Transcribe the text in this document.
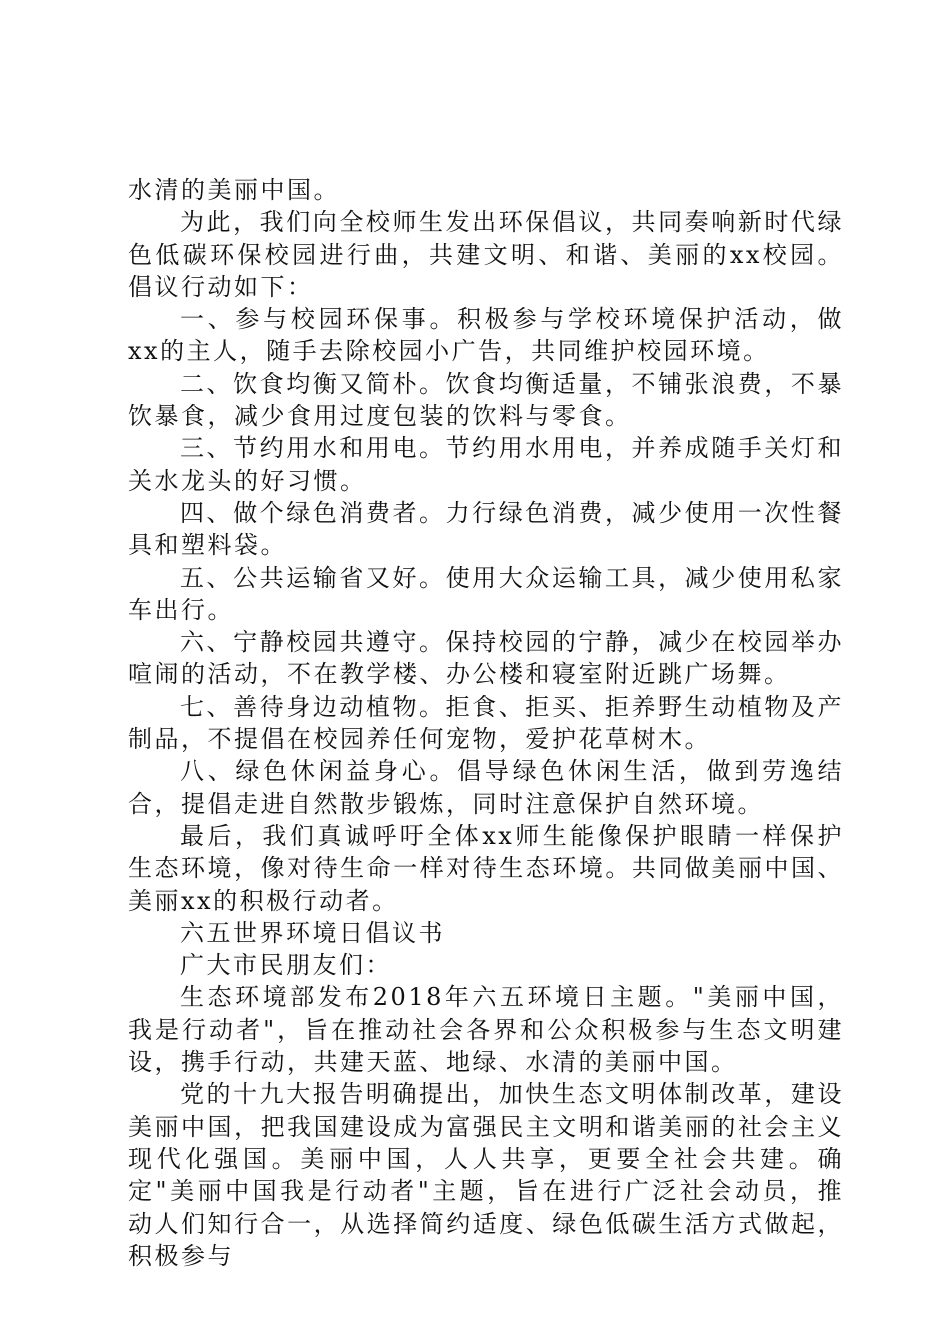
水清的美丽中国。

为此，我们向全校师生发出环保倡议，共同奏响新时代绿色低碳环保校园进行曲，共建文明、和谐、美丽的xx校园。倡议行动如下：

一、参与校园环保事。积极参与学校环境保护活动，做xx的主人，随手去除校园小广告，共同维护校园环境。

二、饮食均衡又简朴。饮食均衡适量，不铺张浪费，不暴饮暴食，减少食用过度包装的饮料与零食。

三、节约用水和用电。节约用水用电，并养成随手关灯和关水龙头的好习惯。

四、做个绿色消费者。力行绿色消费，减少使用一次性餐具和塑料袋。

五、公共运输省又好。使用大众运输工具，减少使用私家车出行。

六、宁静校园共遵守。保持校园的宁静，减少在校园举办喧闹的活动，不在教学楼、办公楼和寝室附近跳广场舞。

七、善待身边动植物。拒食、拒买、拒养野生动植物及产制品，不提倡在校园养任何宠物，爱护花草树木。

八、绿色休闲益身心。倡导绿色休闲生活，做到劳逸结合，提倡走进自然散步锻炼，同时注意保护自然环境。

最后，我们真诚呼吁全体xx师生能像保护眼睛一样保护生态环境，像对待生命一样对待生态环境。共同做美丽中国、美丽xx的积极行动者。

六五世界环境日倡议书

广大市民朋友们：

生态环境部发布2018年六五环境日主题。"美丽中国，我是行动者"，旨在推动社会各界和公众积极参与生态文明建设，携手行动，共建天蓝、地绿、水清的美丽中国。

党的十九大报告明确提出，加快生态文明体制改革，建设美丽中国，把我国建设成为富强民主文明和谐美丽的社会主义现代化强国。美丽中国，人人共享，更要全社会共建。确定"美丽中国我是行动者"主题，旨在进行广泛社会动员，推动人们知行合一，从选择简约适度、绿色低碳生活方式做起，积极参与
